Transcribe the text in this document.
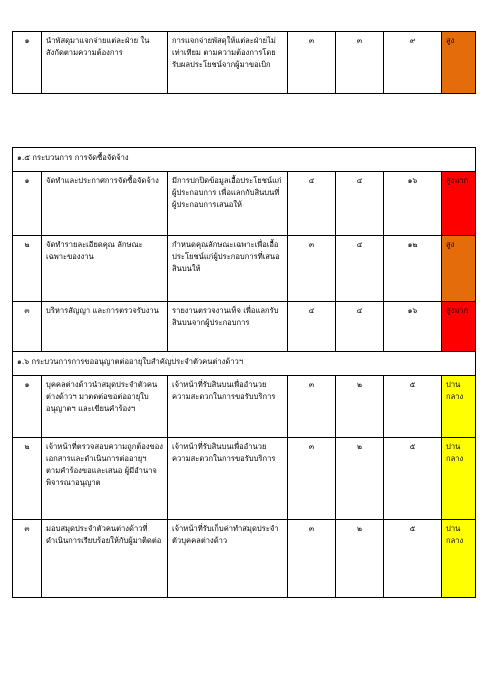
๑	นำพัสดุมาแจกจ่ายแต่ละฝ่าย ในสังกัดตามความต้องการ	การแจกจ่ายพัสดุให้แต่ละฝ่ายไม่เท่าเทียม ตามความต้องการโดย รับผลประโยชน์จากผู้มาขอเบิก	๓	๓	๙	สูง
๑.๕ กระบวนการ การจัดซื้อจัดจ้าง						
๑	จัดทำและประกาศการจัดซื้อจัดจ้าง	มีการปกปิดข้อมูลเอื้อประโยชน์แก่ผู้ประกอบการ เพื่อแลกกับสินบนที่ผู้ประกอบการเสนอให้	๔	๔	๑๖	สูงมาก
๒	จัดทำรายละเอียดคุณ ลักษณะเฉพาะของงาน	กำหนดคุณลักษณะเฉพาะเพื่อเอื้อประโยชน์แก่ผู้ประกอบการที่เสนอ สินบนให้	๓	๔	๑๒	สูง
๓	บริหารสัญญา และการตรวจรับงาน	รายงานตรวจงานเท็จ เพื่อแลกรับสินบนจากผู้ประกอบการ	๔	๔	๑๖	สูงมาก
๑.๖ กระบวนการการขออนุญาตต่ออายุใบสำคัญประจำตัวคนต่างด้าวฯ						
๑	บุคคลต่างด้าวนำสมุดประจำตัวคนต่างด้าวฯ มาตดต่อขอต่ออายุใบอนุญาตฯ และเขียนคำร้องฯ	เจ้าหน้าที่รับสินบนเพื่ออำนวยความสะดวกในการขอรับบริการ	๓	๒	๕	ปานกลาง
๒	เจ้าหน้าที่ตรวจสอบความถูกต้องของเอกสารและดำเนินการต่ออายุฯ ตามคำร้องขอและเสนอ ผู้มีอำนาจพิจารณาอนุญาต	เจ้าหน้าที่รับสินบนเพื่ออำนวยความสะดวกในการขอรับบริการ	๓	๒	๕	ปานกลาง
๓	มอบสมุดประจำตัวคนต่างด้าวที่ดำเนินการเรียบร้อยให้กับผู้มาติดต่อ	เจ้าหน้าที่รับเก็บค่าทำสมุดประจำตัวบุคคลต่างด้าว	๓	๒	๕	ปานกลาง
